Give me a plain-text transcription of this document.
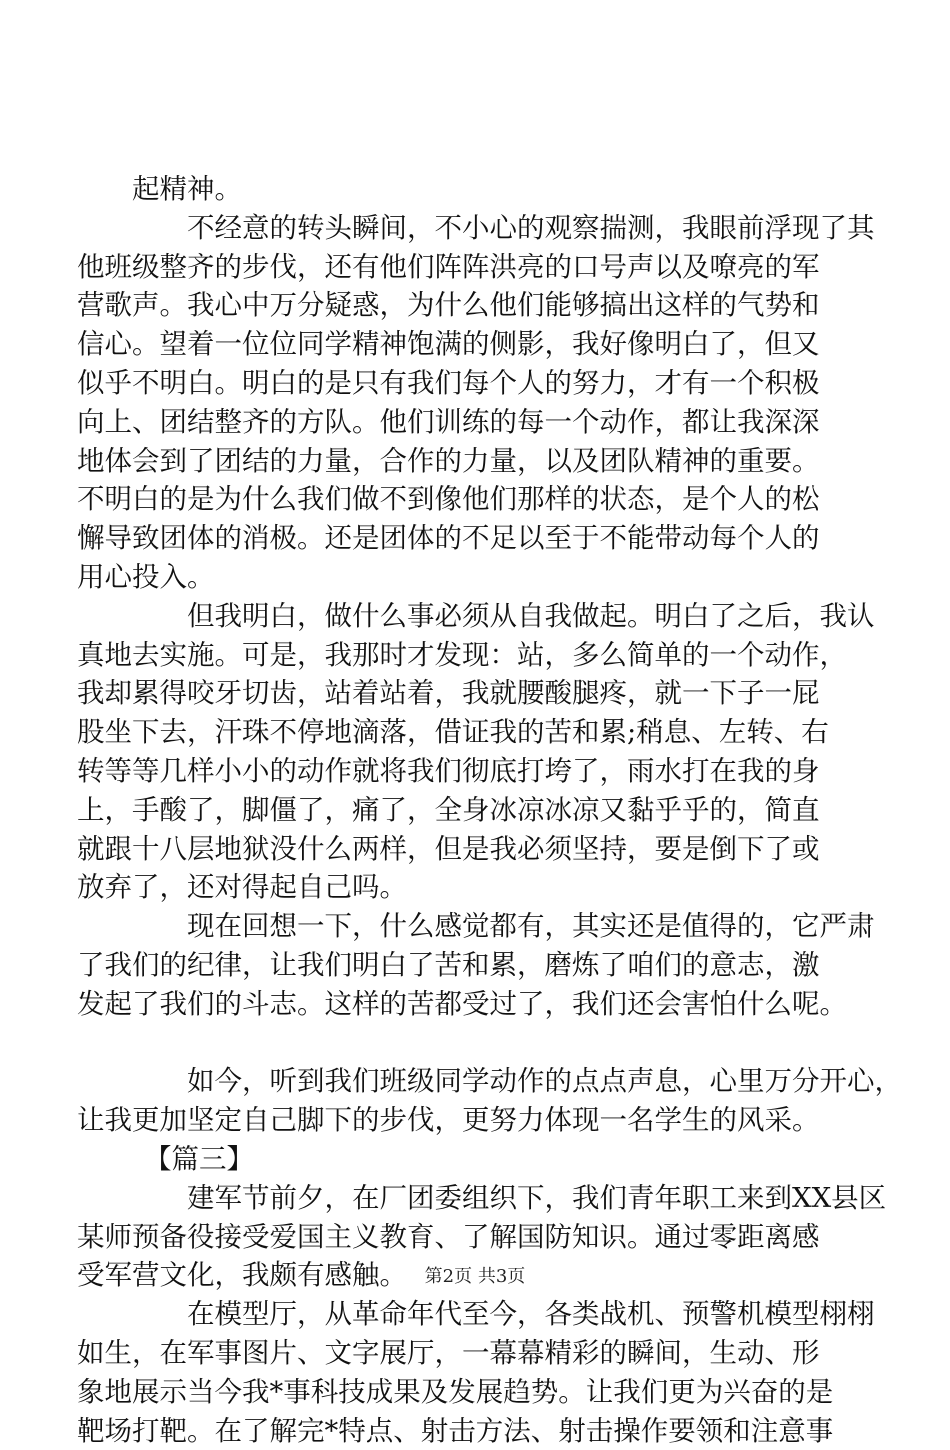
起精神。

不经意的转头瞬间，不小心的观察揣测，我眼前浮现了其
他班级整齐的步伐，还有他们阵阵洪亮的口号声以及嘹亮的军
营歌声。我心中万分疑惑，为什么他们能够搞出这样的气势和
信心。望着一位位同学精神饱满的侧影，我好像明白了，但又
似乎不明白。明白的是只有我们每个人的努力，才有一个积极
向上、团结整齐的方队。他们训练的每一个动作，都让我深深
地体会到了团结的力量，合作的力量，以及团队精神的重要。
不明白的是为什么我们做不到像他们那样的状态，是个人的松
懈导致团体的消极。还是团体的不足以至于不能带动每个人的
用心投入。

但我明白，做什么事必须从自我做起。明白了之后，我认
真地去实施。可是，我那时才发现：站，多么简单的一个动作，
我却累得咬牙切齿，站着站着，我就腰酸腿疼，就一下子一屁
股坐下去，汗珠不停地滴落，借证我的苦和累;稍息、左转、右
转等等几样小小的动作就将我们彻底打垮了，雨水打在我的身
上，手酸了，脚僵了，痛了，全身冰凉冰凉又黏乎乎的，简直
就跟十八层地狱没什么两样，但是我必须坚持，要是倒下了或
放弃了，还对得起自己吗。

现在回想一下，什么感觉都有，其实还是值得的，它严肃
了我们的纪律，让我们明白了苦和累，磨炼了咱们的意志，激
发起了我们的斗志。这样的苦都受过了，我们还会害怕什么呢。

如今，听到我们班级同学动作的点点声息，心里万分开心，
让我更加坚定自己脚下的步伐，更努力体现一名学生的风采。

【篇三】

建军节前夕，在厂团委组织下，我们青年职工来到XX县区
某师预备役接受爱国主义教育、了解国防知识。通过零距离感
受军营文化，我颇有感触。

在模型厅，从革命年代至今，各类战机、预警机模型栩栩
如生，在军事图片、文字展厅，一幕幕精彩的瞬间，生动、形
象地展示当今我*事科技成果及发展趋势。让我们更为兴奋的是
靶场打靶。在了解完*特点、射击方法、射击操作要领和注意事

第2页 共3页
